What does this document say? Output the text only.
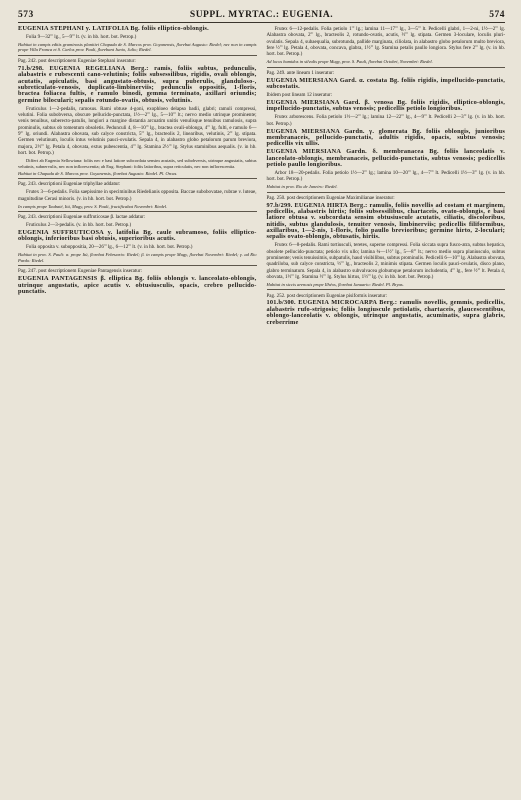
573	SUPPL. MYRTAC.: EUGENIA.	574

EUGENIA STEPHANI y. LATIFOLIA Bg. foliis elliptico-oblongis.

Folia 9—32''' lg., 5—9''' lt. (v. in hb. hort. bot. Petrop.)

Habitat in campis editis graminosis planitiei Chapada de S. Marcos prov. Goyanensis, florebat Augusto: Riedel; nec non in campis prope Villa Franca et S. Carlos prov. Pauli, florebant Junio, Julio; Riedel.

Pag. 242. post descriptionem Eugeniae Stephani inseratur:

71.b/298. EUGENIA REGELIANA Berg.: ramis, foliis subtus, pedunculis, alabastris e rubescenti cano-velutinis; foliis subsessilibus, rigidis, ovali oblongis, acutatis, apiculatis, basi angustato-obtusis, supra puberulis, glanduloso-, subreticulato-venosis, duplicato-limbinerviis; pedunculis oppositis, 1-floris, bractea foliacea fultis, e ramulo binodi, gemma terminato, axillari oriundis; germine biloculari; sepalis rotundo-ovatis, obtusis, velutinis.

Fruticulus 1—2-pedalis, ramosus. Rami obtuse 4-goni, exophloeo delapso badii, glabri; ramuli compressi, velutini. Folia subobversa, obscure pellucido-punctata, 1½—2''' lg., 5—10''' lt.; nervo medio utrinque prominente; venis tenuibus, suberecto-patulis, longiori a margine distantia arcuatim unitis venulisque tenuibus ramulosis, supra prominulis, subtus ob tomentum obsoletis. Pedunculi 4, 8—10''' lg., bractea ovali-oblonga, 4''' lg. fulti, e ramulo 6—9''' lg. oriundi. Alabastra obovata, sub calyce constricta, 5''' lg., bracteolis 2, linearibus, velutinis, 2''' lg. stipata. Germen velutinum, loculis intus velutinis pauci-ovulatis. Sepala 4, in alabastro globo petalorum parum breviora, majora, 2½''' lg. Petala 4, obovata, extus pubescentia, 4''' lg. Stamina 2½''' lg. Stylus staminibus aequalis. (v. in hb. hort. bot. Petrop.)

Differt ab Eugenia Sellowiana: foliis nec e basi latiore subcordata sensim acutatis, sed subobversis, utrinque angustatis, subtus velutinis, subnervulis, nec non inflorescentia; ab Eug. Stephani: foliis latioribus, supra reticulatis, nec non inflorescentia.

Habitat in Chapada de S. Marcos prov. Goyanensis, florebat Augusto: Riedel. Pl. Orcas.

Pag. 243. descriptioni Eugeniae triphyllae addatur:

Frutex 3—6-pedalis. Folia saepissime in speciminibus Riedelianis opposita. Baccae subobovatae, rubrae v. luteae, magnitudine Cerasi minoris. (v. in hb. hort. bot. Petrop.)

In campis prope Taubaté, Itú, Mugy, prov. S. Pauli, fructificabat Novembri: Riedel.

Pag. 243. descriptioni Eugeniae suffruticosae β. lactae addatur:

Fruticulus 2—3-pedalis. (v. in hb. hort. bot. Petrop.)

EUGENIA SUFFRUTICOSA y. latifolia Bg. caule subramoso, foliis elliptico-oblongis, inferioribus basi obtusis, superioribus acutis.

Folia opposita v. suboppositia, 20—26''' lg., 6—12''' lt. (v. in hb. hort. bot. Petrop.)

Habitat in prov. S. Pauli: α. prope Itú, florebat Februario: Riedel; β. in campis prope Mugy, florebat Novembri: Riedel; γ. ad Rio Pardo: Riedel.

Pag. 247. post descriptionem Eugeniae Pantagensis inseratur:

EUGENIA PANTAGENSIS β. elliptica Bg. foliis oblongis v. lanceolato-oblongis, utrinque angustatis, apice acutis v. obtusiusculis, opacis, crebro pellucido-punctatis.

Frutex 6—12-pedalis. Folia petiolo 1''' lg.; lamina 11—17''' lg., 3—5''' lt. Pedicelli glabri, 1—2-ni, 1½—2''' lg. Alabastra obovata, 2''' lg., bracteolis 2, rotundo-ovatis, acutis, ½''' lg. stipata. Germen 3-locularе, loculis pluri-ovulatis. Sepala 4, subaequalia, subrotunda, pallide marginata, ciliolata, in alabastro globo petalorum multo breviora, fere ½''' lg. Petala 4, obovata, concava, glabra, 1½''' lg. Stamina petalis paullo longiora. Stylus fere 2''' lg. (v. in hb. hort. bot. Petrop.)

Ad locos humidos in silvulis prope Mugy, prov. S. Pauli, florebat Octobri, Novembri: Riedel.

Pag. 249. ante lineam 1 inseratur:

EUGENIA MIERSIANA Gard. α. costata Bg. foliis rigidis, impellucido-punctatis, subcostatis.

Ibidem post lineam 12 inseratur:

EUGENIA MIERSIANA Gard. β. venosa Bg. foliis rigidis, elliptico-oblongis, impellucido-punctatis, subtus venosis; pedicellis petiolo longioribus.

Frutex arborescens. Folia petiolo 1½—2''' lg.; lamina 12—22''' lg., 4—9''' lt. Pedicelli 2—3''' lg. (v. in hb. hort. bot. Petrop.)

EUGENIA MIERSIANA Gardn. γ. glomerata Bg. foliis oblongis, junioribus membranaceis, pellucido-punctatis, adultis rigidis, opacis, subtus venosis; pedicellis vix ullis.

EUGENIA MIERSIANA Gardn. δ. membranacea Bg. foliis lanceolatis v. lanceolato-oblongis, membranaceis, pellucido-punctatis, subtus venosis; pedicellis petiolo paullo longioribus.

Arbor 18—20-pedalis. Folia petiolo 1½—2''' lg.; lamina 10—20''' lg., 4—7''' lt. Pedicelli 1½—3''' lg. (v. in hb. hort. bot. Petrop.)

Habitat in prov. Rio de Janeiro: Riedel.

Pag. 250. post descriptionem Eugeniae Maximilianae inseratur:

97.b/299. EUGENIA HIRTA Berg.: ramulis, foliis novellis ad costam et marginem, pedicellis, alabastris hirtis; foliis subsessilibus, chartaceis, ovato-oblongis, e basi latiore obtusa v. subcordata sensim obtusiuscule acutatis, ciliatis, discoloribus, nitidis, subtus glandulosis, tenuiter venosis, limbinerviis; pedicellis filiformibus, axillaribus, 1—2-nis, 1-floris, folio paullo brevioribus; germine hirto, 2-loculari; sepalis ovato-oblongis, obtusatis, hirtis.

Frutex 6—8-pedalis. Rami tortiusculi, teretes, superne compressi. Folia siccata supra fusco-atra, subtus hepatica, obsolete pellucido-punctata; petiolo vix ullo; lamina ¾—1½'' lg., 5—8''' lt.; nervo medio supra planiusculo, subtus prominente; venis tenuissimis, subpatulis, haud visibilibus, subtus prominulis. Pedicelli 6—10''' lg. Alabastra obovata, quadriloba, sub calyce constricta, ½''' lg., bracteolis 2, minimis stipata. Germen loculis pauci-ovulatis, disco plano, glabro terminatum. Sepala 4, in alabastro subvalvacea globumque petalorum includentia, 4''' lg., fere ½''' lt. Petala 4, obovata, 1½''' lg. Stamina ½''' lg. Stylus hirtus, 1½''' lg. (v. in hb. hort. bot. Petrop.)

Habitat in siccis arenosis prope Ilhéos, florebat Januario: Riedel. Pl. Bryas.

Pag. 252. post descriptionem Eugeniae pisiformis inseratur:

101.b/300. EUGENIA MICROCARPA Berg.: ramulis novellis, gemmis, pedicellis, alabastris rufo-strigosis; foliis longiuscule petiolatis, chartaceis, glaucescentibus, oblongo-lanceolatis v. oblongis, utrinque angustatis, acuminatis, supra glabris, creberrime
